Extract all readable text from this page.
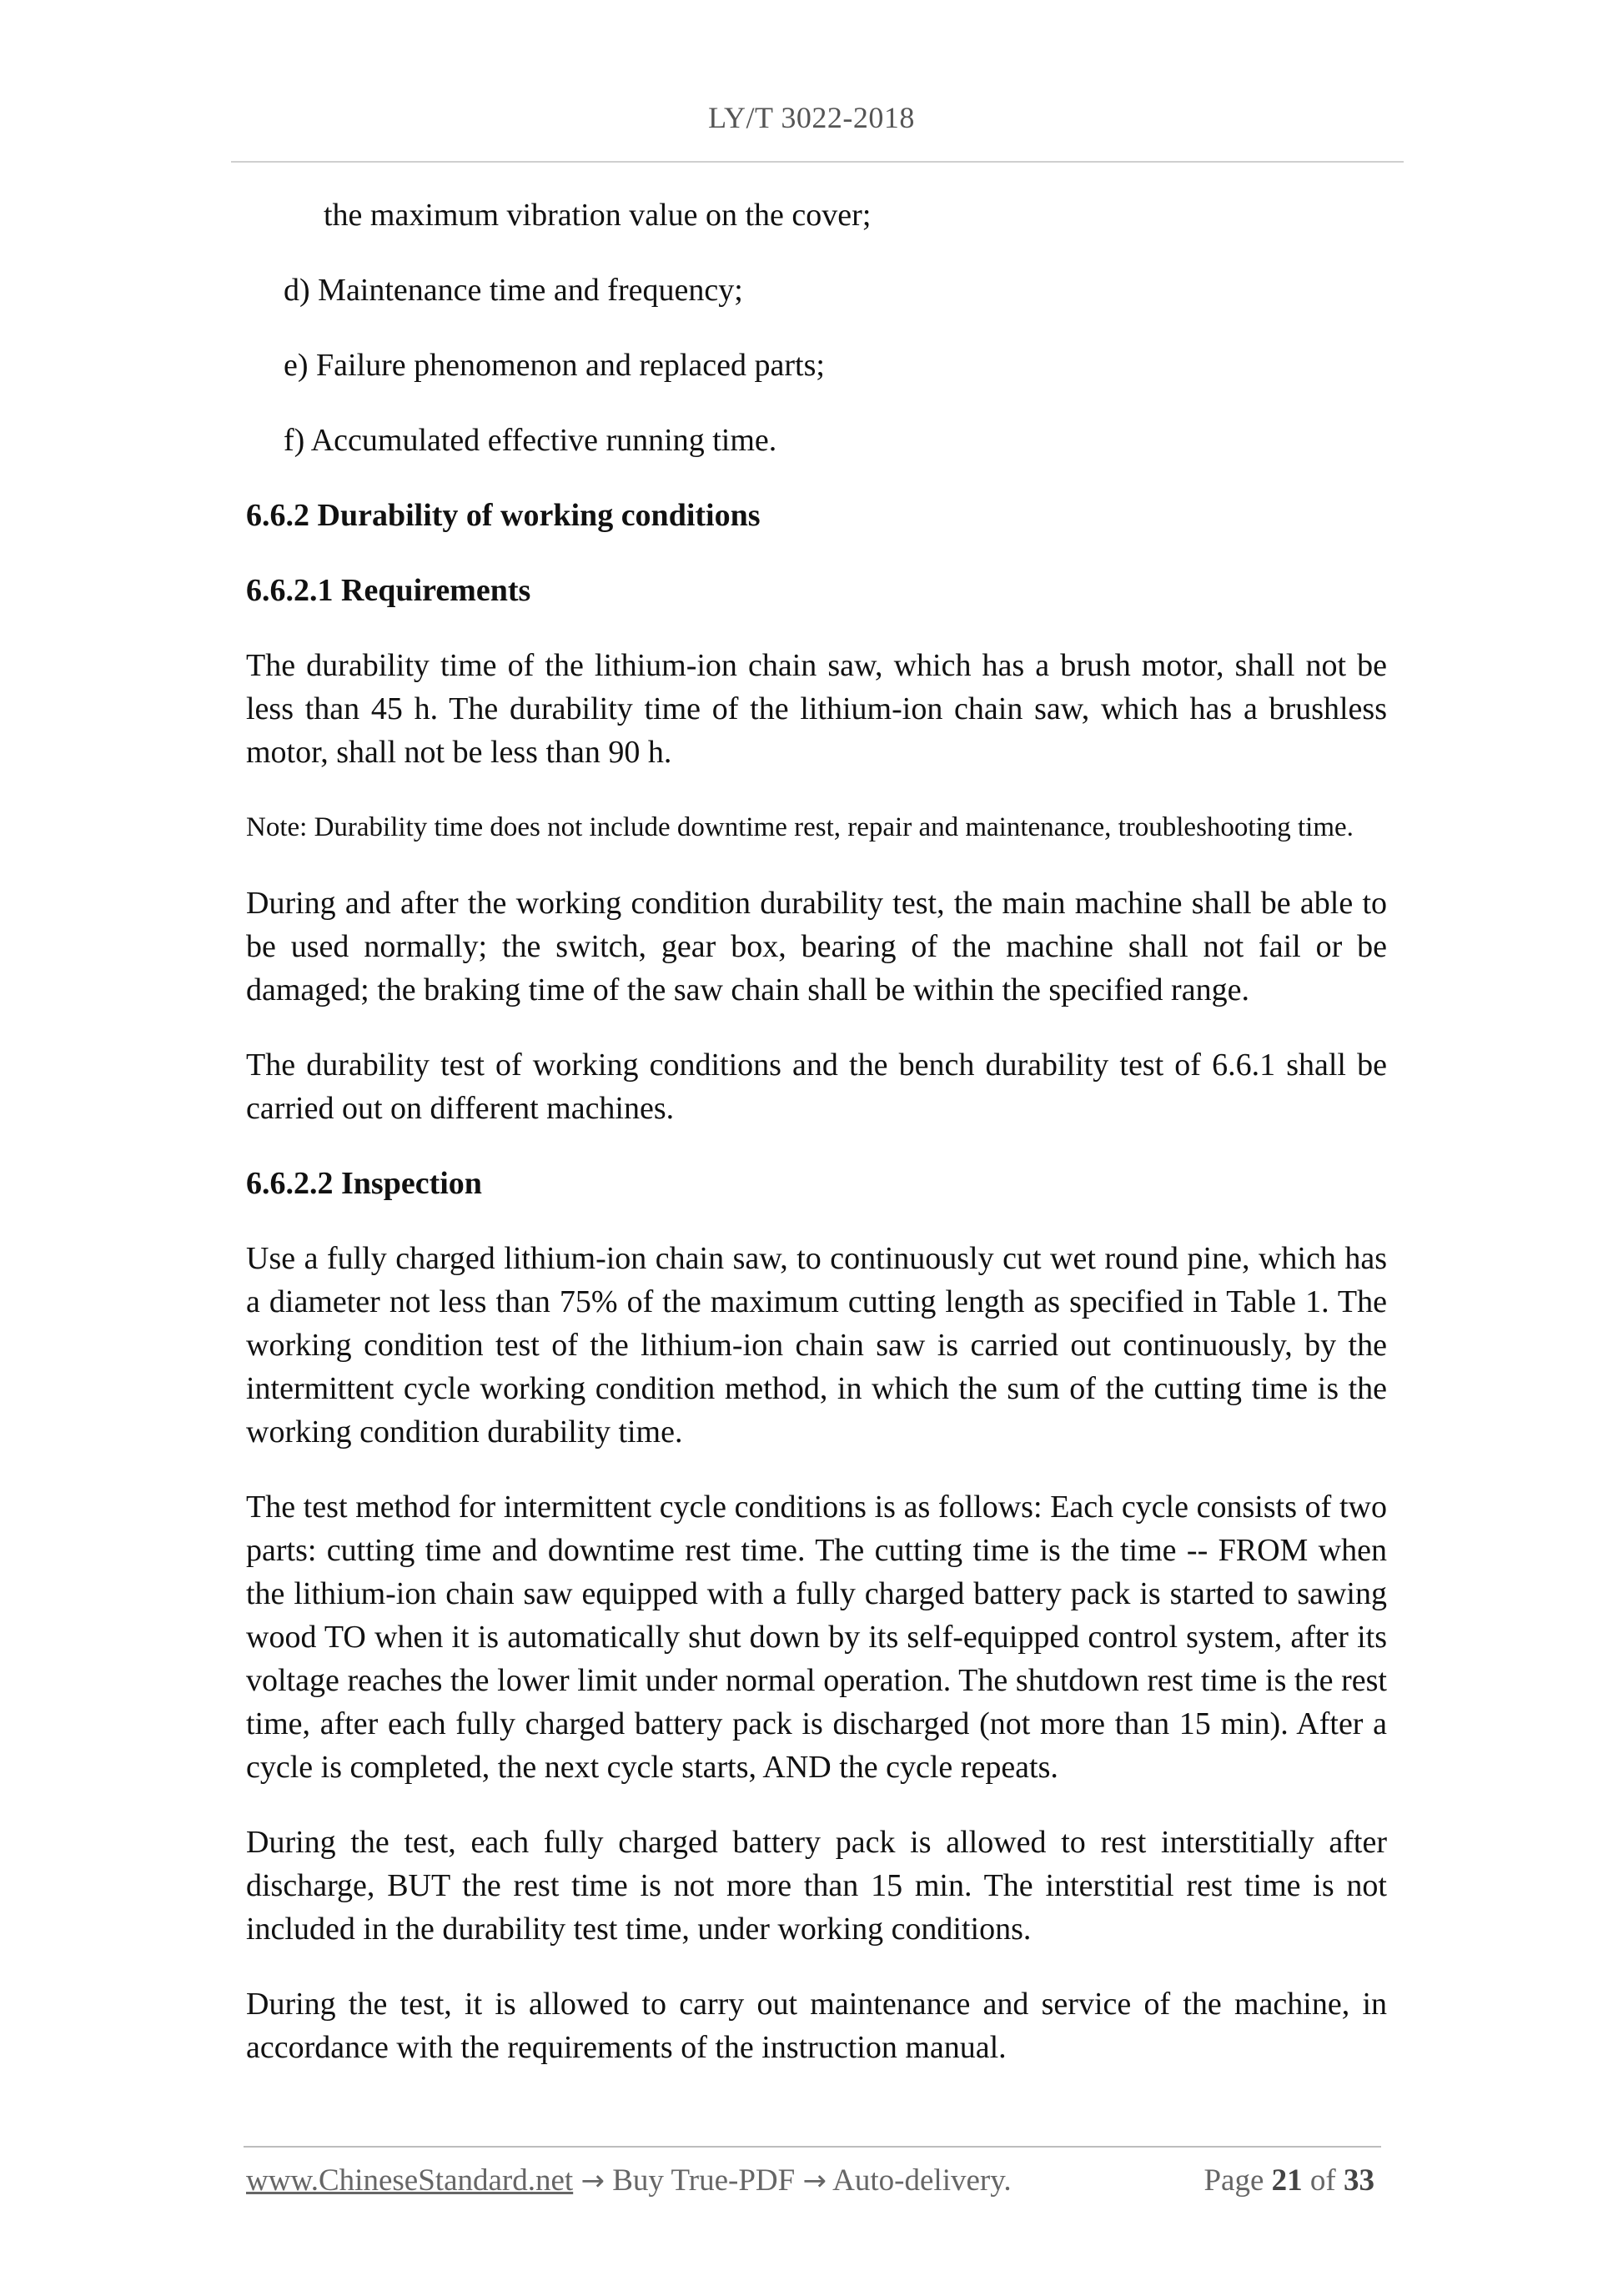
LY/T 3022-2018

the maximum vibration value on the cover;

d) Maintenance time and frequency;

e) Failure phenomenon and replaced parts;

f) Accumulated effective running time.

6.6.2 Durability of working conditions

6.6.2.1 Requirements

The durability time of the lithium-ion chain saw, which has a brush motor, shall not be less than 45 h. The durability time of the lithium-ion chain saw, which has a brushless motor, shall not be less than 90 h.

Note: Durability time does not include downtime rest, repair and maintenance, troubleshooting time.

During and after the working condition durability test, the main machine shall be able to be used normally; the switch, gear box, bearing of the machine shall not fail or be damaged; the braking time of the saw chain shall be within the specified range.

The durability test of working conditions and the bench durability test of 6.6.1 shall be carried out on different machines.

6.6.2.2 Inspection

Use a fully charged lithium-ion chain saw, to continuously cut wet round pine, which has a diameter not less than 75% of the maximum cutting length as specified in Table 1. The working condition test of the lithium-ion chain saw is carried out continuously, by the intermittent cycle working condition method, in which the sum of the cutting time is the working condition durability time.

The test method for intermittent cycle conditions is as follows: Each cycle consists of two parts: cutting time and downtime rest time. The cutting time is the time -- FROM when the lithium-ion chain saw equipped with a fully charged battery pack is started to sawing wood TO when it is automatically shut down by its self-equipped control system, after its voltage reaches the lower limit under normal operation. The shutdown rest time is the rest time, after each fully charged battery pack is discharged (not more than 15 min). After a cycle is completed, the next cycle starts, AND the cycle repeats.

During the test, each fully charged battery pack is allowed to rest interstitially after discharge, BUT the rest time is not more than 15 min. The interstitial rest time is not included in the durability test time, under working conditions.

During the test, it is allowed to carry out maintenance and service of the machine, in accordance with the requirements of the instruction manual.

www.ChineseStandard.net → Buy True-PDF → Auto-delivery.	Page 21 of 33
